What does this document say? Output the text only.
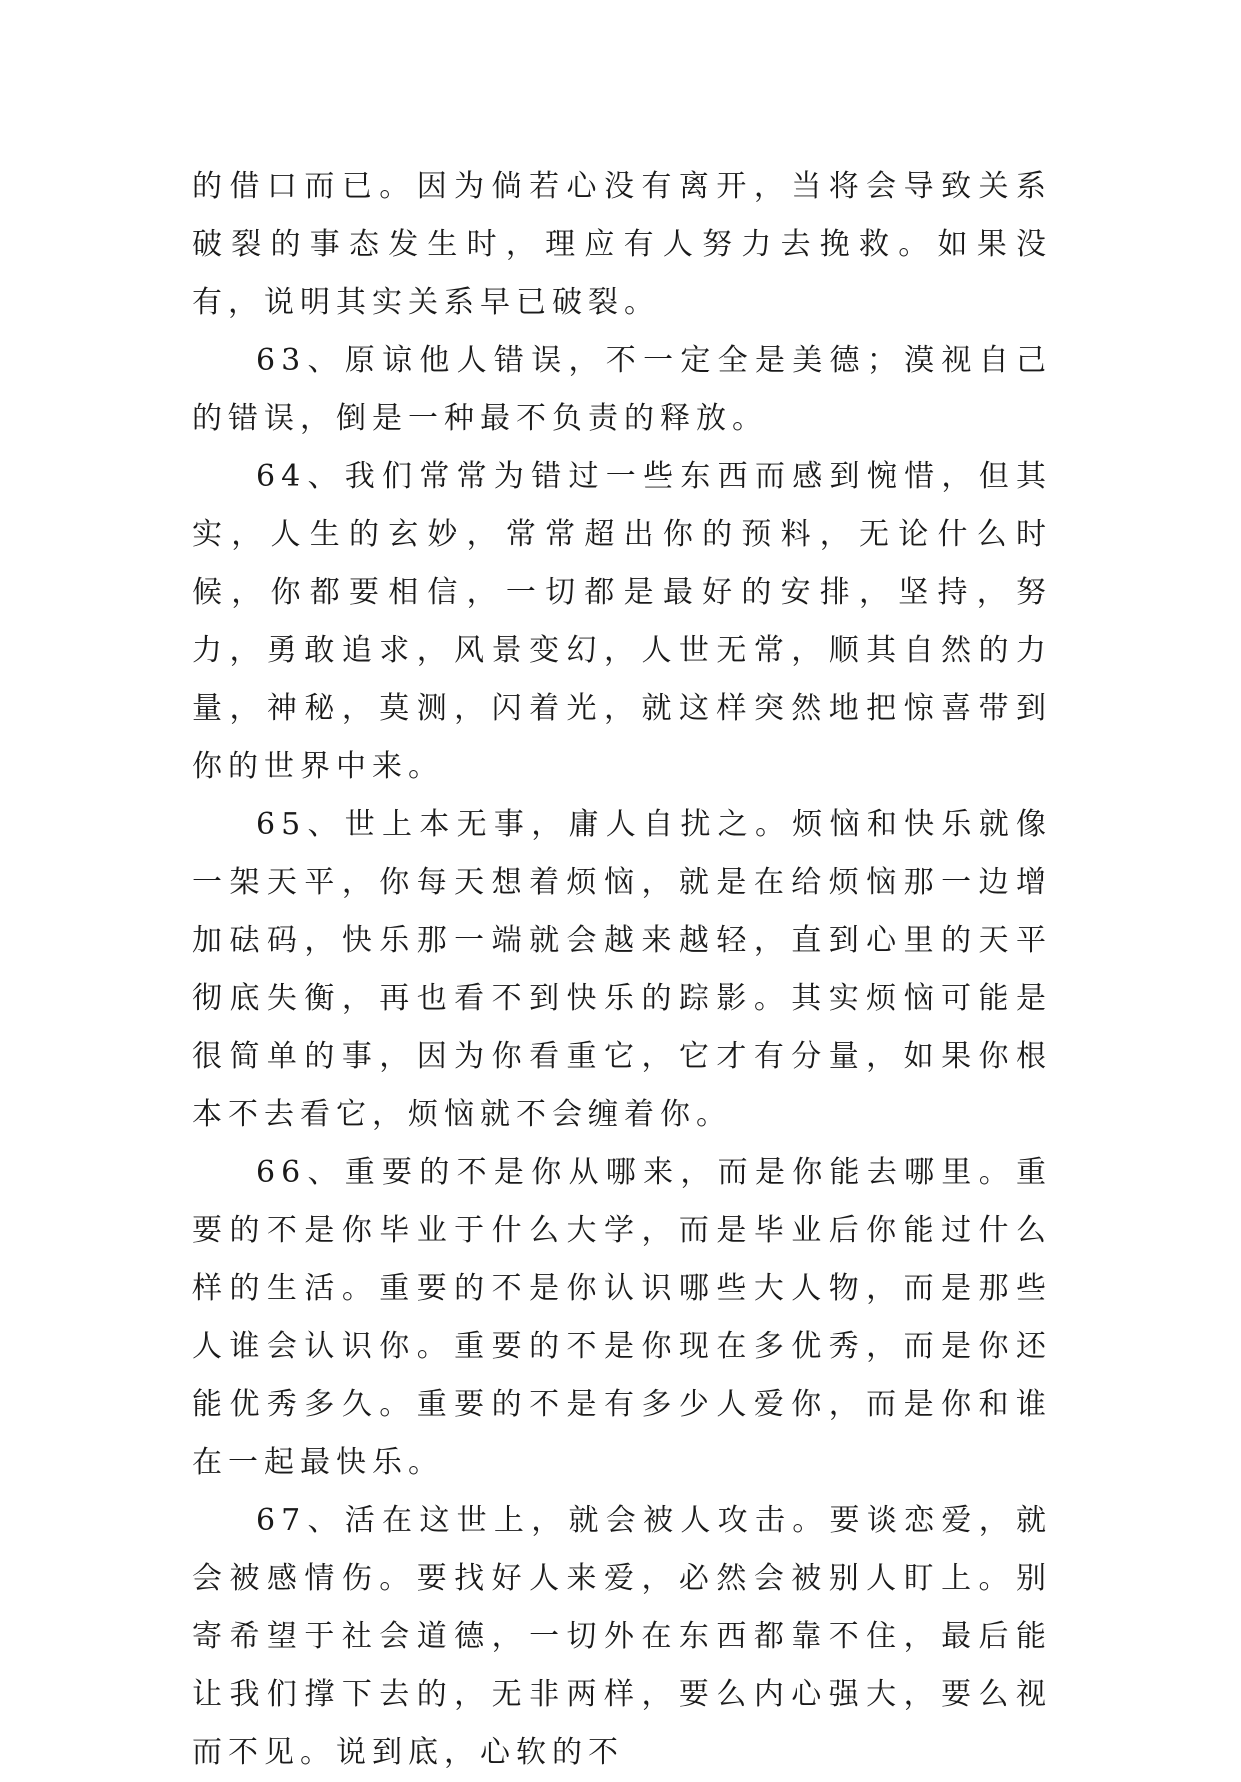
的借口而已。因为倘若心没有离开，当将会导致关系破裂的事态发生时，理应有人努力去挽救。如果没有，说明其实关系早已破裂。

63、原谅他人错误，不一定全是美德；漠视自己的错误，倒是一种最不负责的释放。

64、我们常常为错过一些东西而感到惋惜，但其实，人生的玄妙，常常超出你的预料，无论什么时候，你都要相信，一切都是最好的安排，坚持，努力，勇敢追求，风景变幻，人世无常，顺其自然的力量，神秘，莫测，闪着光，就这样突然地把惊喜带到你的世界中来。

65、世上本无事，庸人自扰之。烦恼和快乐就像一架天平，你每天想着烦恼，就是在给烦恼那一边增加砝码，快乐那一端就会越来越轻，直到心里的天平彻底失衡，再也看不到快乐的踪影。其实烦恼可能是很简单的事，因为你看重它，它才有分量，如果你根本不去看它，烦恼就不会缠着你。

66、重要的不是你从哪来，而是你能去哪里。重要的不是你毕业于什么大学，而是毕业后你能过什么样的生活。重要的不是你认识哪些大人物，而是那些人谁会认识你。重要的不是你现在多优秀，而是你还能优秀多久。重要的不是有多少人爱你，而是你和谁在一起最快乐。

67、活在这世上，就会被人攻击。要谈恋爱，就会被感情伤。要找好人来爱，必然会被别人盯上。别寄希望于社会道德，一切外在东西都靠不住，最后能让我们撑下去的，无非两样，要么内心强大，要么视而不见。说到底，心软的不
